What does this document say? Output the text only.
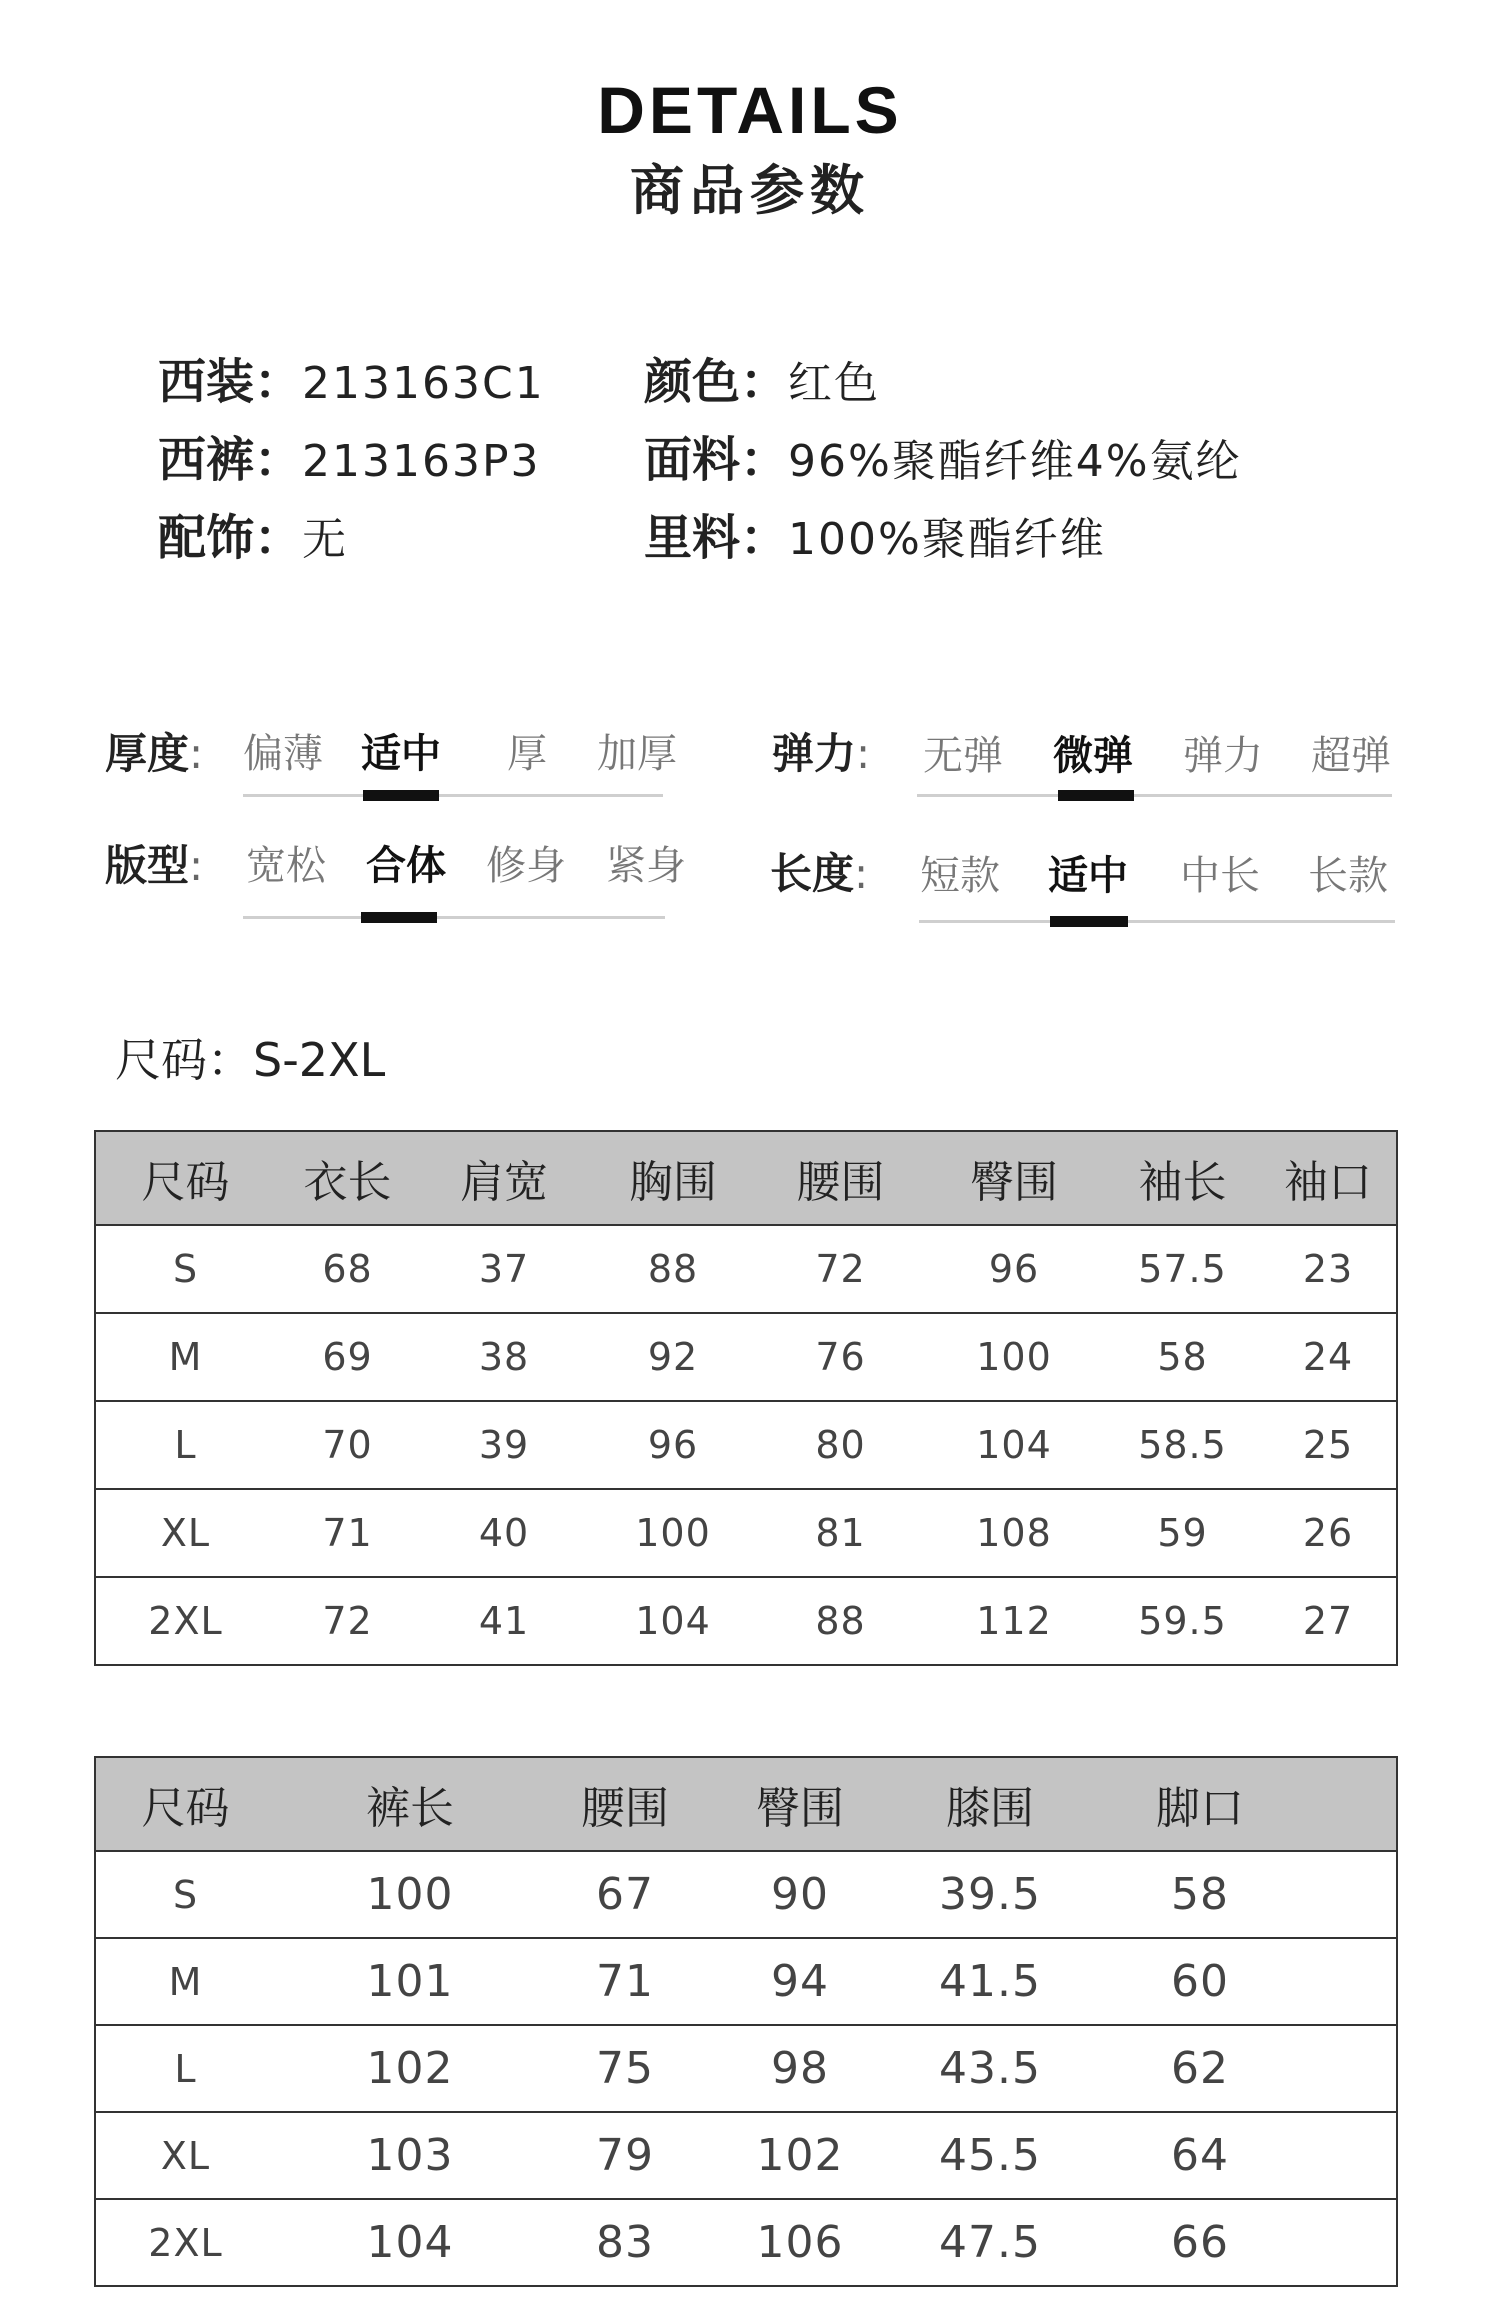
DETAILS
商品参数
西装：213163C1
西裤：213163P3
配饰：无
颜色：红色
面料：96%聚酯纤维4%氨纶
里料：100%聚酯纤维
厚度: 偏薄 适中	厚	加厚 弹力: 无弹 微弹 弹力 超弹
版型: 宽松 合体 修身 紧身 长度: 短款 适中 中长 长款
尺码：S-2XL
尺码	衣长	肩宽	胸围	腰围	臀围	袖长	袖口
S	68	37	88	72	96	57.5	23
M	69	38	92	76	100	58	24
L	70	39	96	80	104	58.5	25
XL	71	40	100	81	108	59	26
2XL	72	41	104	88	112	59.5	27
尺码	裤长	腰围	臀围	膝围	脚口	
S	100	67	90	39.5	58	
M	101	71	94	41.5	60	
L	102	75	98	43.5	62	
XL	103	79	102	45.5	64	
2XL	104	83	106	47.5	66	
